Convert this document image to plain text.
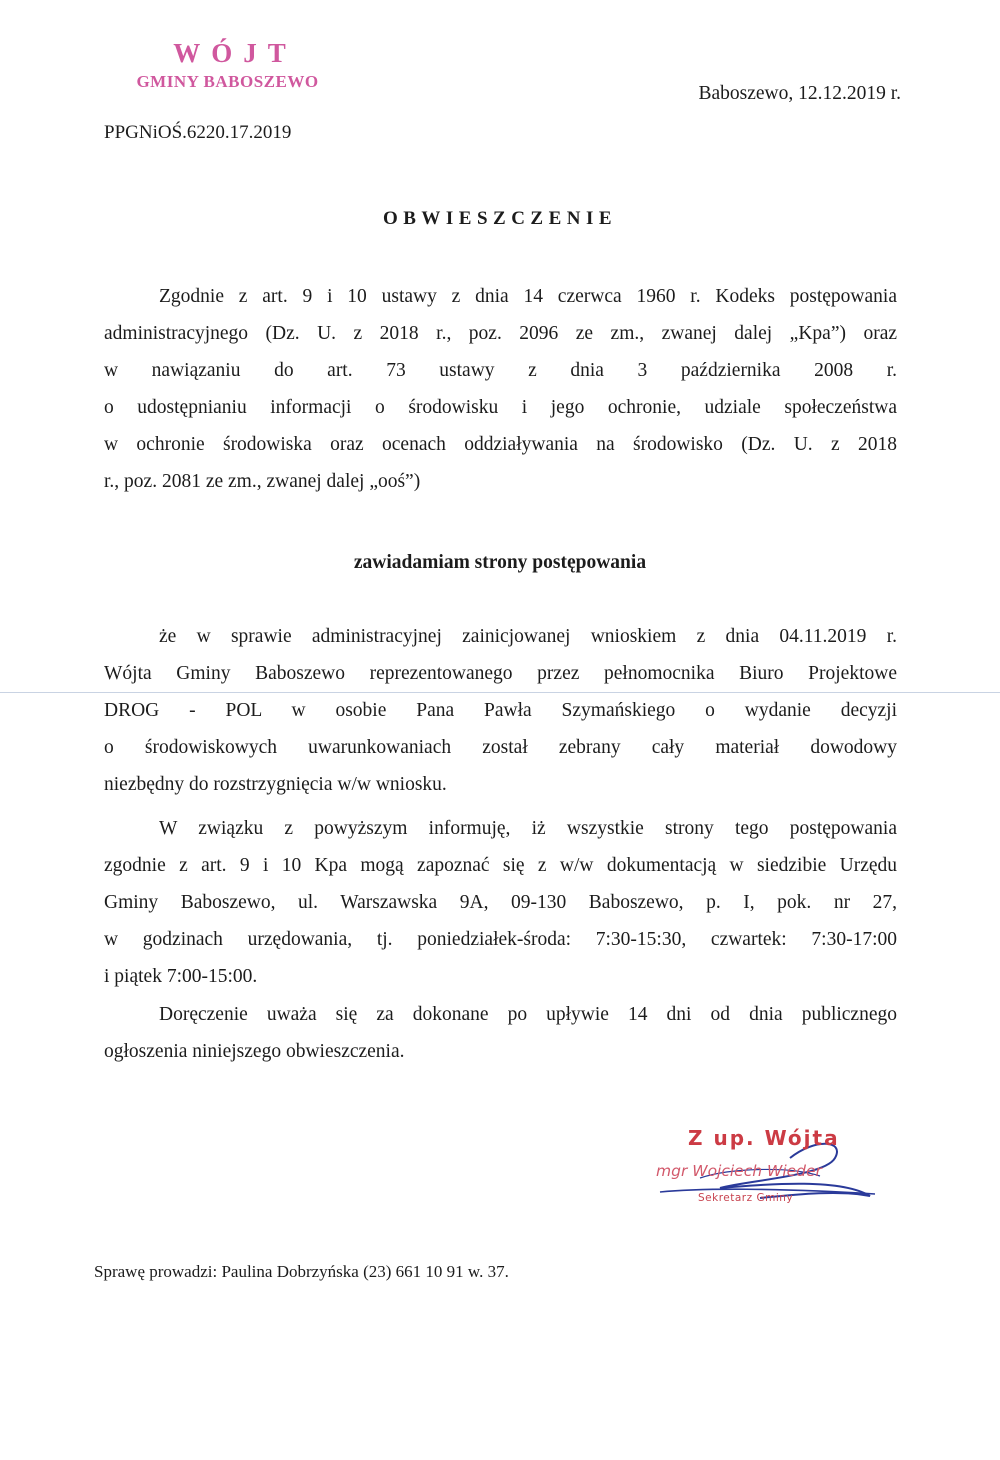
WÓJT
GMINY BABOSZEWO
Baboszewo, 12.12.2019 r.
PPGNiOŚ.6220.17.2019
OBWIESZCZENIE

Zgodnie z art. 9 i 10 ustawy z dnia 14 czerwca 1960 r. Kodeks postępowania
administracyjnego (Dz. U. z 2018 r., poz. 2096 ze zm., zwanej dalej „Kpa”) oraz
w nawiązaniu do art. 73 ustawy z dnia 3 października 2008 r.
o udostępnianiu informacji o środowisku i jego ochronie, udziale społeczeństwa
w ochronie środowiska oraz ocenach oddziaływania na środowisko (Dz. U. z 2018
r., poz. 2081 ze zm., zwanej dalej „ooś”)

zawiadamiam strony postępowania

że w sprawie administracyjnej zainicjowanej wnioskiem z dnia 04.11.2019 r.
Wójta Gminy Baboszewo reprezentowanego przez pełnomocnika Biuro Projektowe
DROG - POL w osobie Pana Pawła Szymańskiego o wydanie decyzji
o środowiskowych uwarunkowaniach został zebrany cały materiał dowodowy
niezbędny do rozstrzygnięcia w/w wniosku.

W związku z powyższym informuję, iż wszystkie strony tego postępowania
zgodnie z art. 9 i 10 Kpa mogą zapoznać się z w/w dokumentacją w siedzibie Urzędu
Gminy Baboszewo, ul. Warszawska 9A, 09-130 Baboszewo, p. I, pok. nr 27,
w godzinach urzędowania, tj. poniedziałek-środa: 7:30-15:30, czwartek: 7:30-17:00
i piątek 7:00-15:00.

Doręczenie uważa się za dokonane po upływie 14 dni od dnia publicznego
ogłoszenia niniejszego obwieszczenia.

Z up. Wójta
mgr Wojciech Wieder
Sekretarz Gminy
Sprawę prowadzi: Paulina Dobrzyńska (23) 661 10 91 w. 37.
